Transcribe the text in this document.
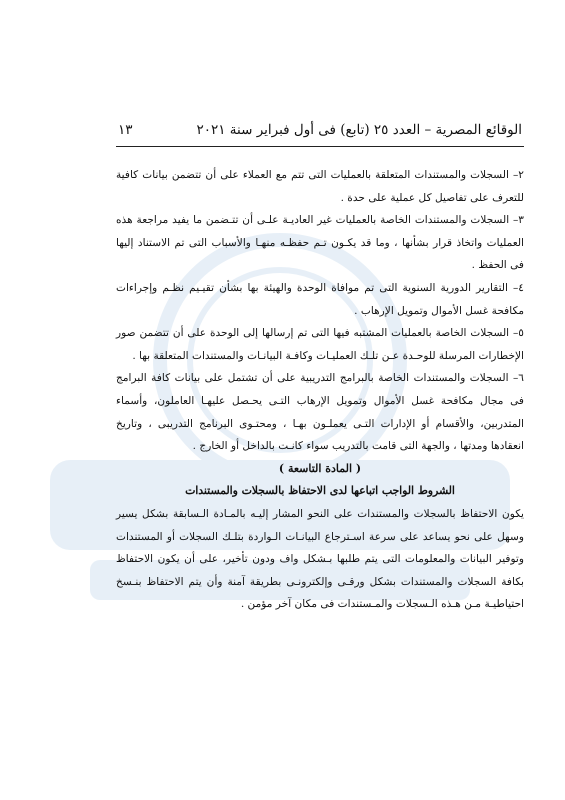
الوقائع المصرية – العدد ٢٥ (تابع) فى أول فبراير سنة ٢٠٢١
١٣

٢– السجلات والمستندات المتعلقة بالعمليات التى تتم مع العملاء على أن تتضمن بيانات كافية للتعرف على تفاصيل كل عملية على حدة .

٣– السجلات والمستندات الخاصة بالعمليات غير العاديـة علـى أن تتـضمن ما يفيد مراجعة هذه العمليات واتخاذ قرار بشأنها ، وما قد يكـون تـم حفظـه منهـا والأسباب التى تم الاستناد إليها فى الحفظ .

٤– التقارير الدورية السنوية التى تم موافاة الوحدة والهيئة بها بشأن تقيـيم نظـم وإجراءات مكافحة غسل الأموال وتمويل الإرهاب .

٥– السجلات الخاصة بالعمليات المشتبه فيها التى تم إرسالها إلى الوحدة على أن تتضمن صور الإخطارات المرسلة للوحـدة عـن تلـك العمليـات وكافـة البيانـات والمستندات المتعلقة بها .

٦– السجلات والمستندات الخاصة بالبرامج التدريبية على أن تشتمل على بيانات كافة البرامج فى مجال مكافحة غسل الأموال وتمويل الإرهاب التـى يحـصل عليهـا العاملون، وأسماء المتدربين، والأقسام أو الإدارات التـى يعملـون بهـا ، ومحتـوى البرنامج التدريبى ، وتاريخ انعقادها ومدتها ، والجهة التى قامت بالتدريب سواء كانـت بالداخل أو الخارج .

( المادة التاسعة )

الشروط الواجب اتباعها لدى الاحتفاظ بالسجلات والمستندات

يكون الاحتفاظ بالسجلات والمستندات على النحو المشار إليـه بالمـادة الـسابقة بشكل يسير وسهل على نحو يساعد على سرعة اسـترجاع البيانـات الـواردة بتلـك السجلات أو المستندات وتوفير البيانات والمعلومات التى يتم طلبها بـشكل واف ودون تأخير، على أن يكون الاحتفاظ بكافة السجلات والمستندات بشكل ورقـى وإلكترونـى بطريقة آمنة وأن يتم الاحتفاظ بنـسخ احتياطيـة مـن هـذه الـسجلات والمـستندات فى مكان آخر مؤمن .
